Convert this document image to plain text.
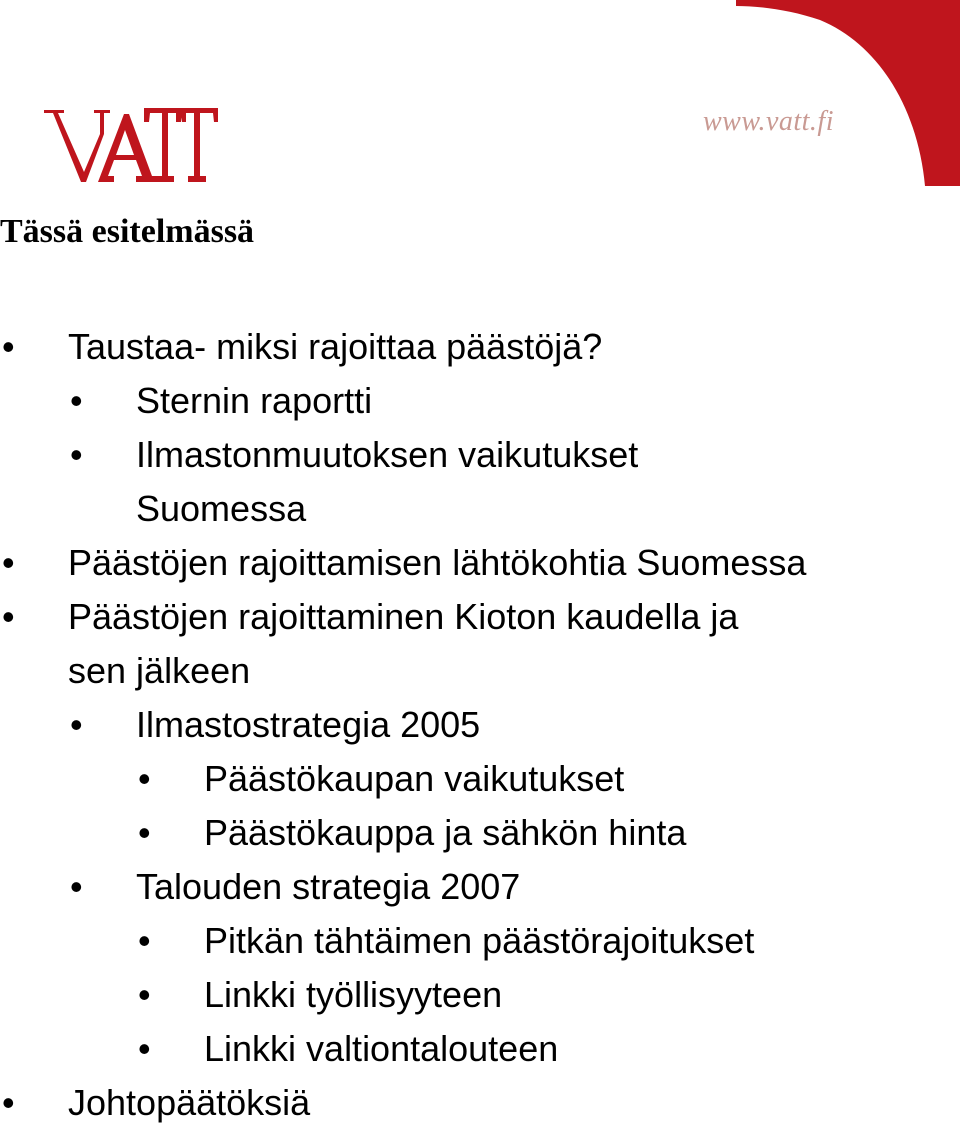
www.vatt.fi
Tässä esitelmässä
• Taustaa- miksi rajoittaa päästöjä?
• Sternin raportti
• Ilmastonmuutoksen vaikutukset
Suomessa
• Päästöjen rajoittamisen lähtökohtia Suomessa
• Päästöjen rajoittaminen Kioton kaudella ja
sen jälkeen
• Ilmastostrategia 2005
• Päästökaupan vaikutukset
• Päästökauppa ja sähkön hinta
• Talouden strategia 2007
• Pitkän tähtäimen päästörajoitukset
• Linkki työllisyyteen
• Linkki valtiontalouteen
• Johtopäätöksiä
